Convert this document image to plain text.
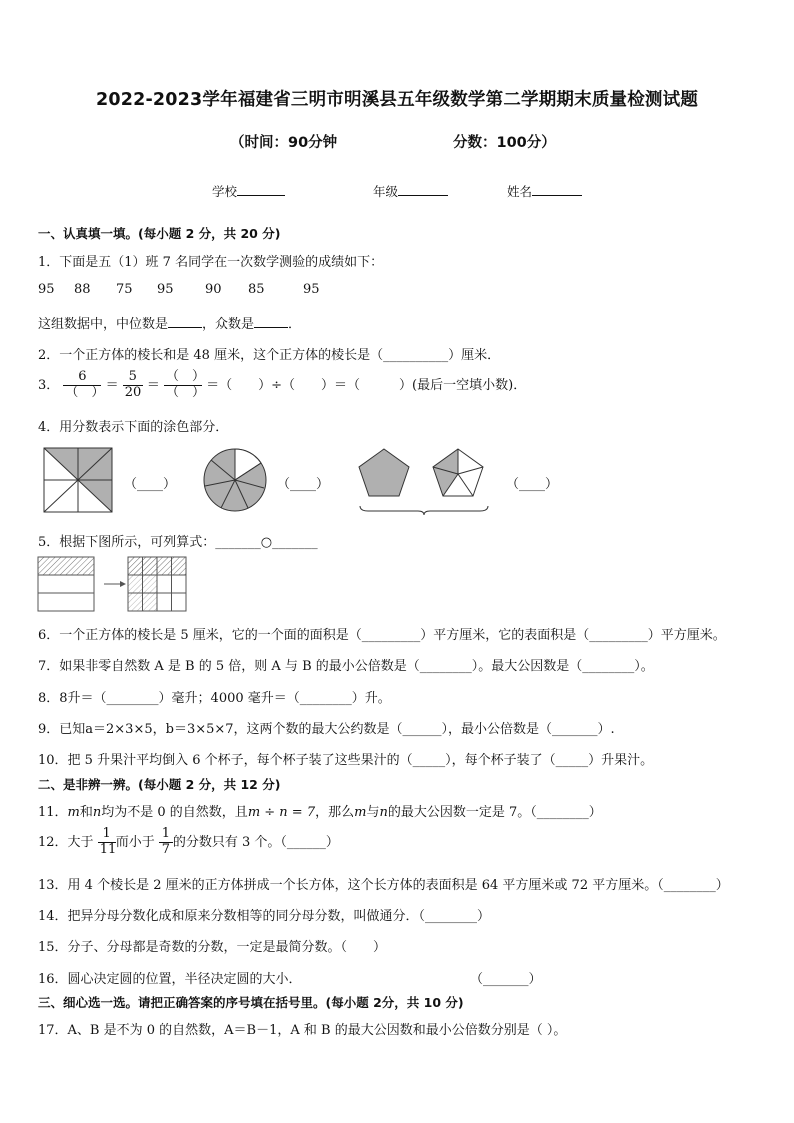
2022-2023学年福建省三明市明溪县五年级数学第二学期期末质量检测试题
（时间：90分钟	分数：100分）
学校	年级	姓名
一、认真填一填。(每小题 2 分，共 20 分)
1．下面是五（1）班 7 名同学在一次数学测验的成绩如下：
95 88 75 95 90 85	95
这组数据中，中位数是	，众数是	．
2．一个正方体的棱长和是 48 厘米，这个正方体的棱长是（__________）厘米．
3． $\frac{6}{( )} = \frac{5}{20} = \frac{( )}{( )}$ ＝（　　）÷（　　）＝（　　　）(最后一空填小数)．
4．用分数表示下面的涂色部分．
（____）	（____）	（____）
5．根据下图所示，可列算式：_______○_______
6．一个正方体的棱长是 5 厘米，它的一个面的面积是（_________）平方厘米，它的表面积是（_________）平方厘米。
7．如果非零自然数 A 是 B 的 5 倍，则 A 与 B 的最小公倍数是（________）。最大公因数是（________）。
8．8升＝（________）毫升；4000 毫升＝（________）升。
9．已知a＝2×3×5，b＝3×5×7，这两个数的最大公约数是（______），最小公倍数是（_______）.
10．把 5 升果汁平均倒入 6 个杯子，每个杯子装了这些果汁的（_____），每个杯子装了（_____）升果汁。
二、是非辨一辨。(每小题 2 分，共 12 分)
11．m和n均为不是 0 的自然数，且m ÷ n = 7，那么m与n的最大公因数一定是 7。（________）
12．大于 $\frac{1}{11}$ 而小于 $\frac{1}{7}$ 的分数只有 3 个。（______）
13．用 4 个棱长是 2 厘米的正方体拼成一个长方体，这个长方体的表面积是 64 平方厘米或 72 平方厘米。（________）
14．把异分母分数化成和原来分数相等的同分母分数，叫做通分．（________）
15．分子、分母都是奇数的分数，一定是最简分数。（　　）
16．圆心决定圆的位置，半径决定圆的大小．	（_______）
三、细心选一选。请把正确答案的序号填在括号里。(每小题 2分，共 10 分)
17．A、B 是不为 0 的自然数，A＝B－1，A 和 B 的最大公因数和最小公倍数分别是（ ）。
